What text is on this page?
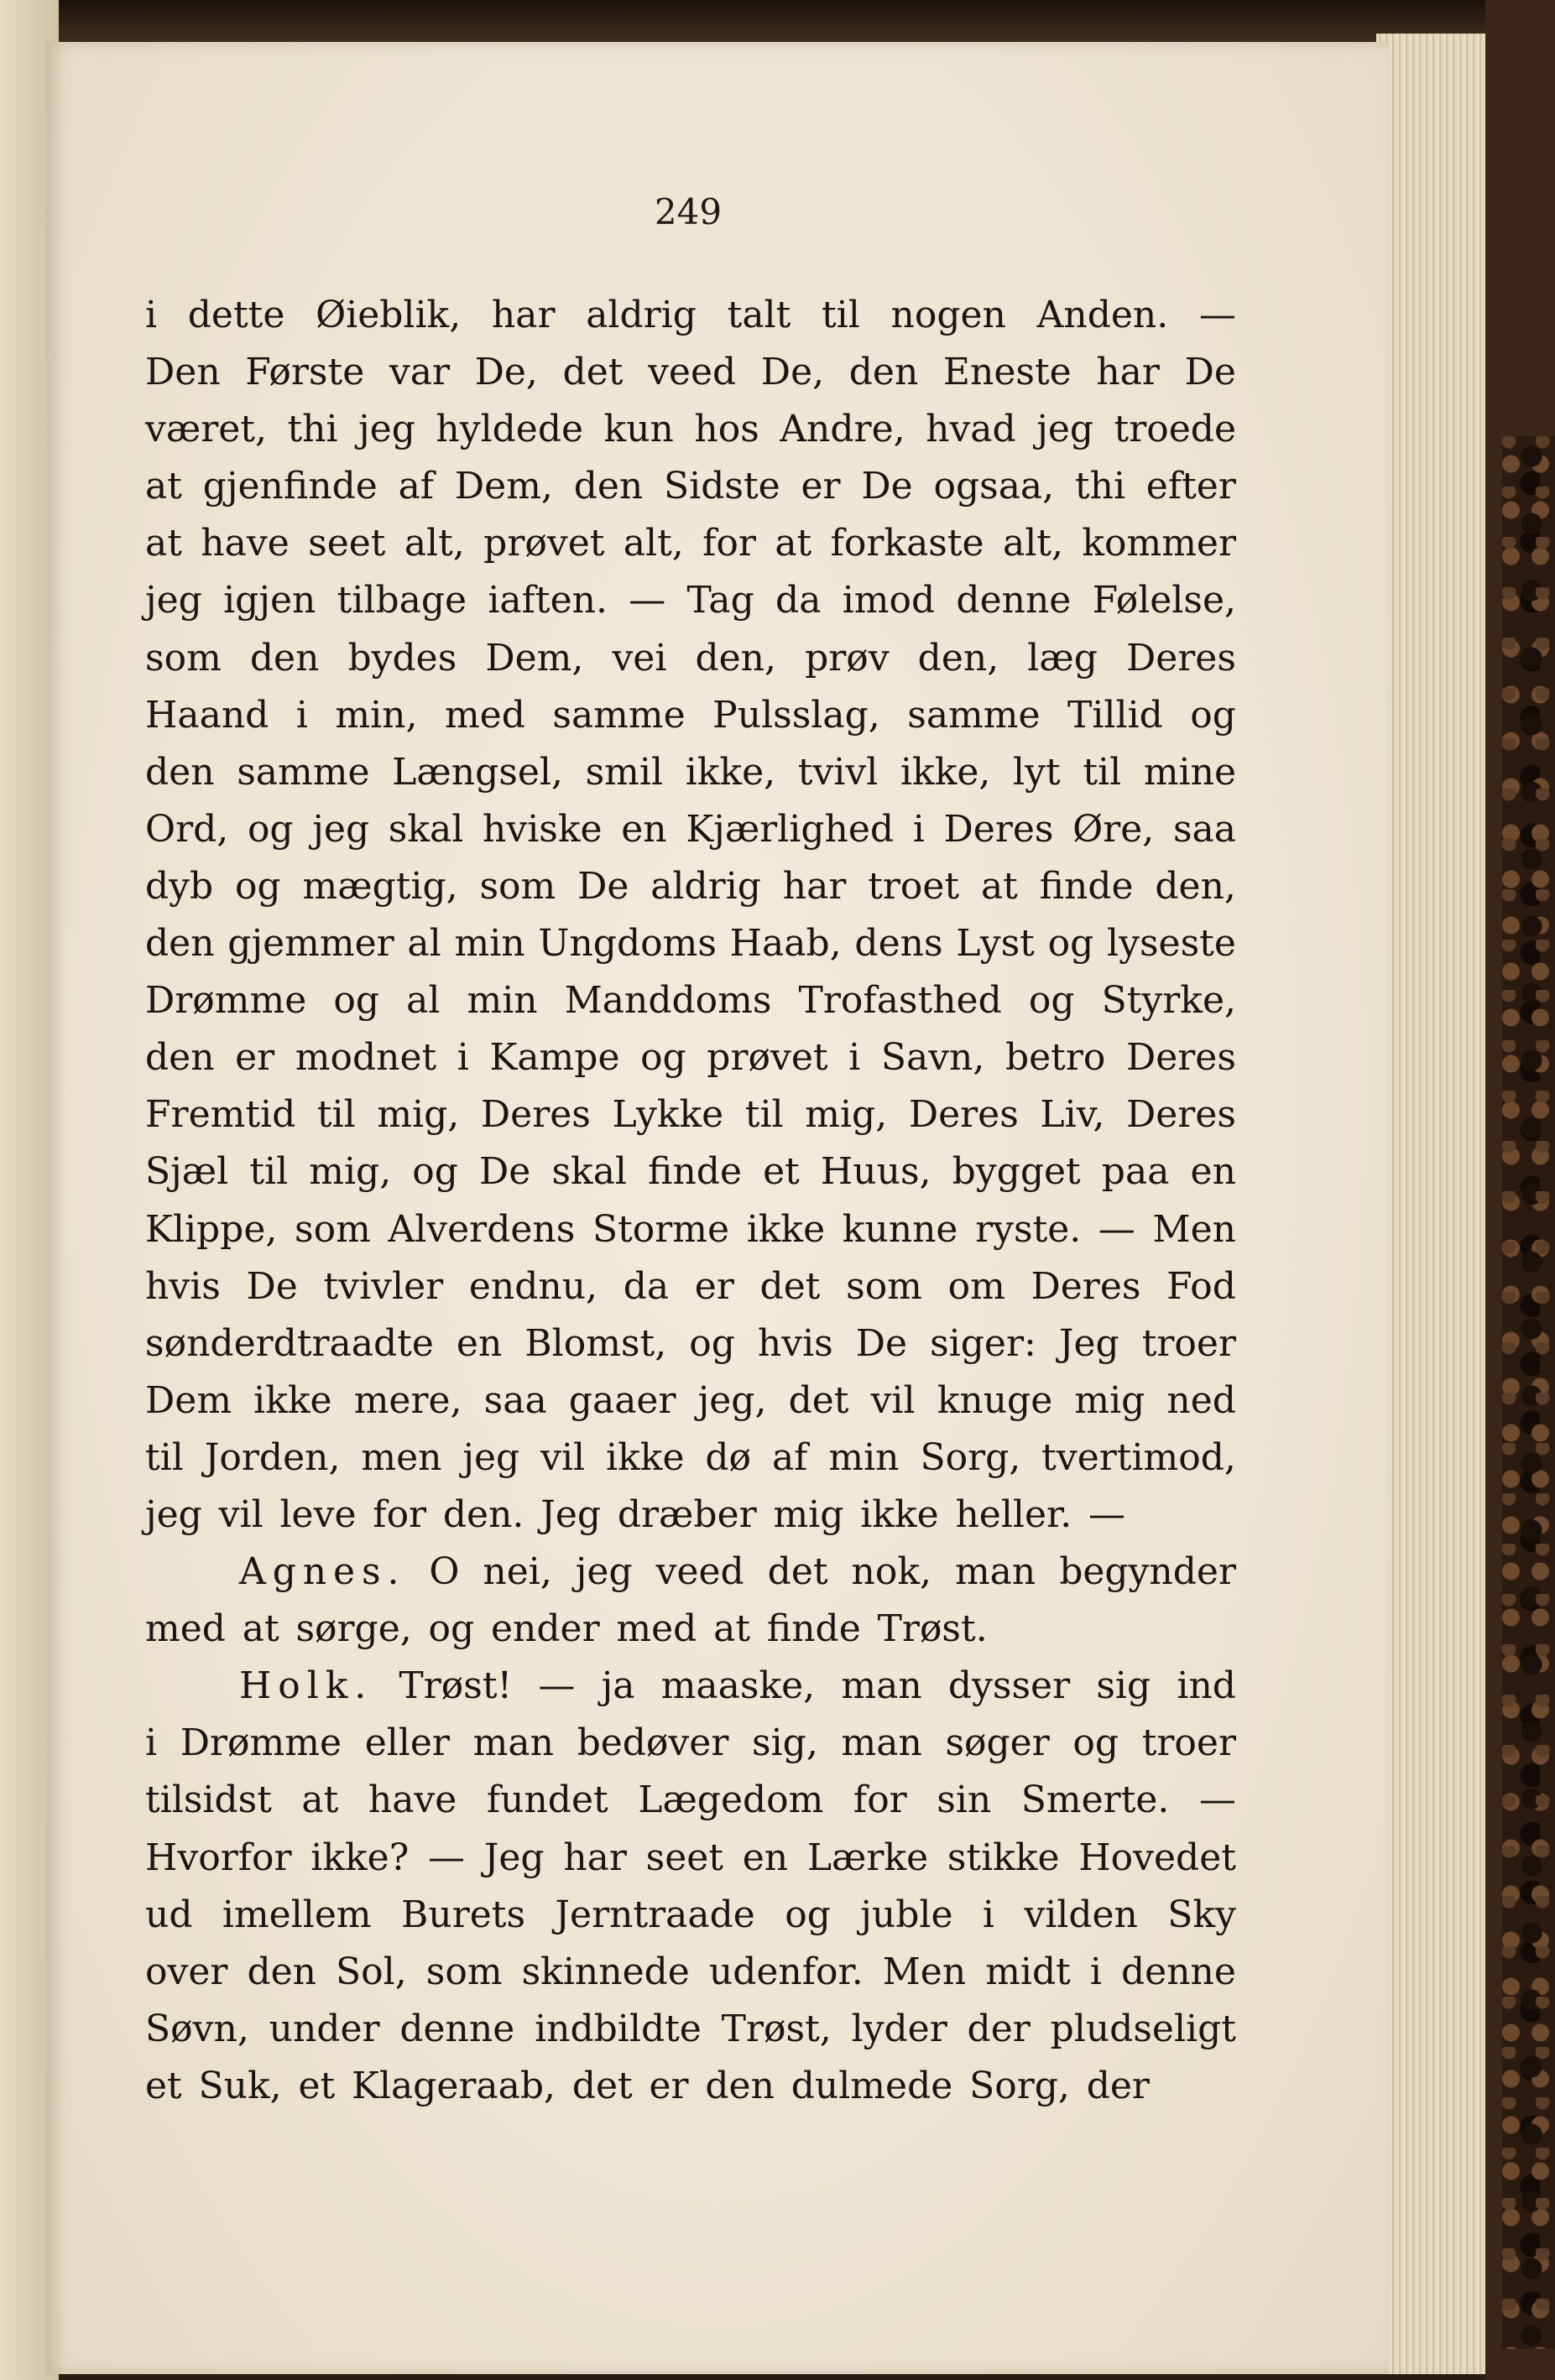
249
i dette Øieblik, har aldrig talt til nogen Anden. —
Den Første var De, det veed De, den Eneste har De
været, thi jeg hyldede kun hos Andre, hvad jeg troede
at gjenfinde af Dem, den Sidste er De ogsaa, thi efter
at have seet alt, prøvet alt, for at forkaste alt, kommer
jeg igjen tilbage iaften. — Tag da imod denne Følelse,
som den bydes Dem, vei den, prøv den, læg Deres
Haand i min, med samme Pulsslag, samme Tillid og
den samme Længsel, smil ikke, tvivl ikke, lyt til mine
Ord, og jeg skal hviske en Kjærlighed i Deres Øre, saa
dyb og mægtig, som De aldrig har troet at finde den,
den gjemmer al min Ungdoms Haab, dens Lyst og lyseste
Drømme og al min Manddoms Trofasthed og Styrke,
den er modnet i Kampe og prøvet i Savn, betro Deres
Fremtid til mig, Deres Lykke til mig, Deres Liv, Deres
Sjæl til mig, og De skal finde et Huus, bygget paa en
Klippe, som Alverdens Storme ikke kunne ryste. — Men
hvis De tvivler endnu, da er det som om Deres Fod
sønderdtraadte en Blomst, og hvis De siger: Jeg troer
Dem ikke mere, saa gaaer jeg, det vil knuge mig ned
til Jorden, men jeg vil ikke dø af min Sorg, tvertimod,
jeg vil leve for den. Jeg dræber mig ikke heller. —
Agnes. O nei, jeg veed det nok, man begynder
med at sørge, og ender med at finde Trøst.
Holk. Trøst! — ja maaske, man dysser sig ind
i Drømme eller man bedøver sig, man søger og troer
tilsidst at have fundet Lægedom for sin Smerte. —
Hvorfor ikke? — Jeg har seet en Lærke stikke Hovedet
ud imellem Burets Jerntraade og juble i vilden Sky
over den Sol, som skinnede udenfor. Men midt i denne
Søvn, under denne indbildte Trøst, lyder der pludseligt
et Suk, et Klageraab, det er den dulmede Sorg, der
